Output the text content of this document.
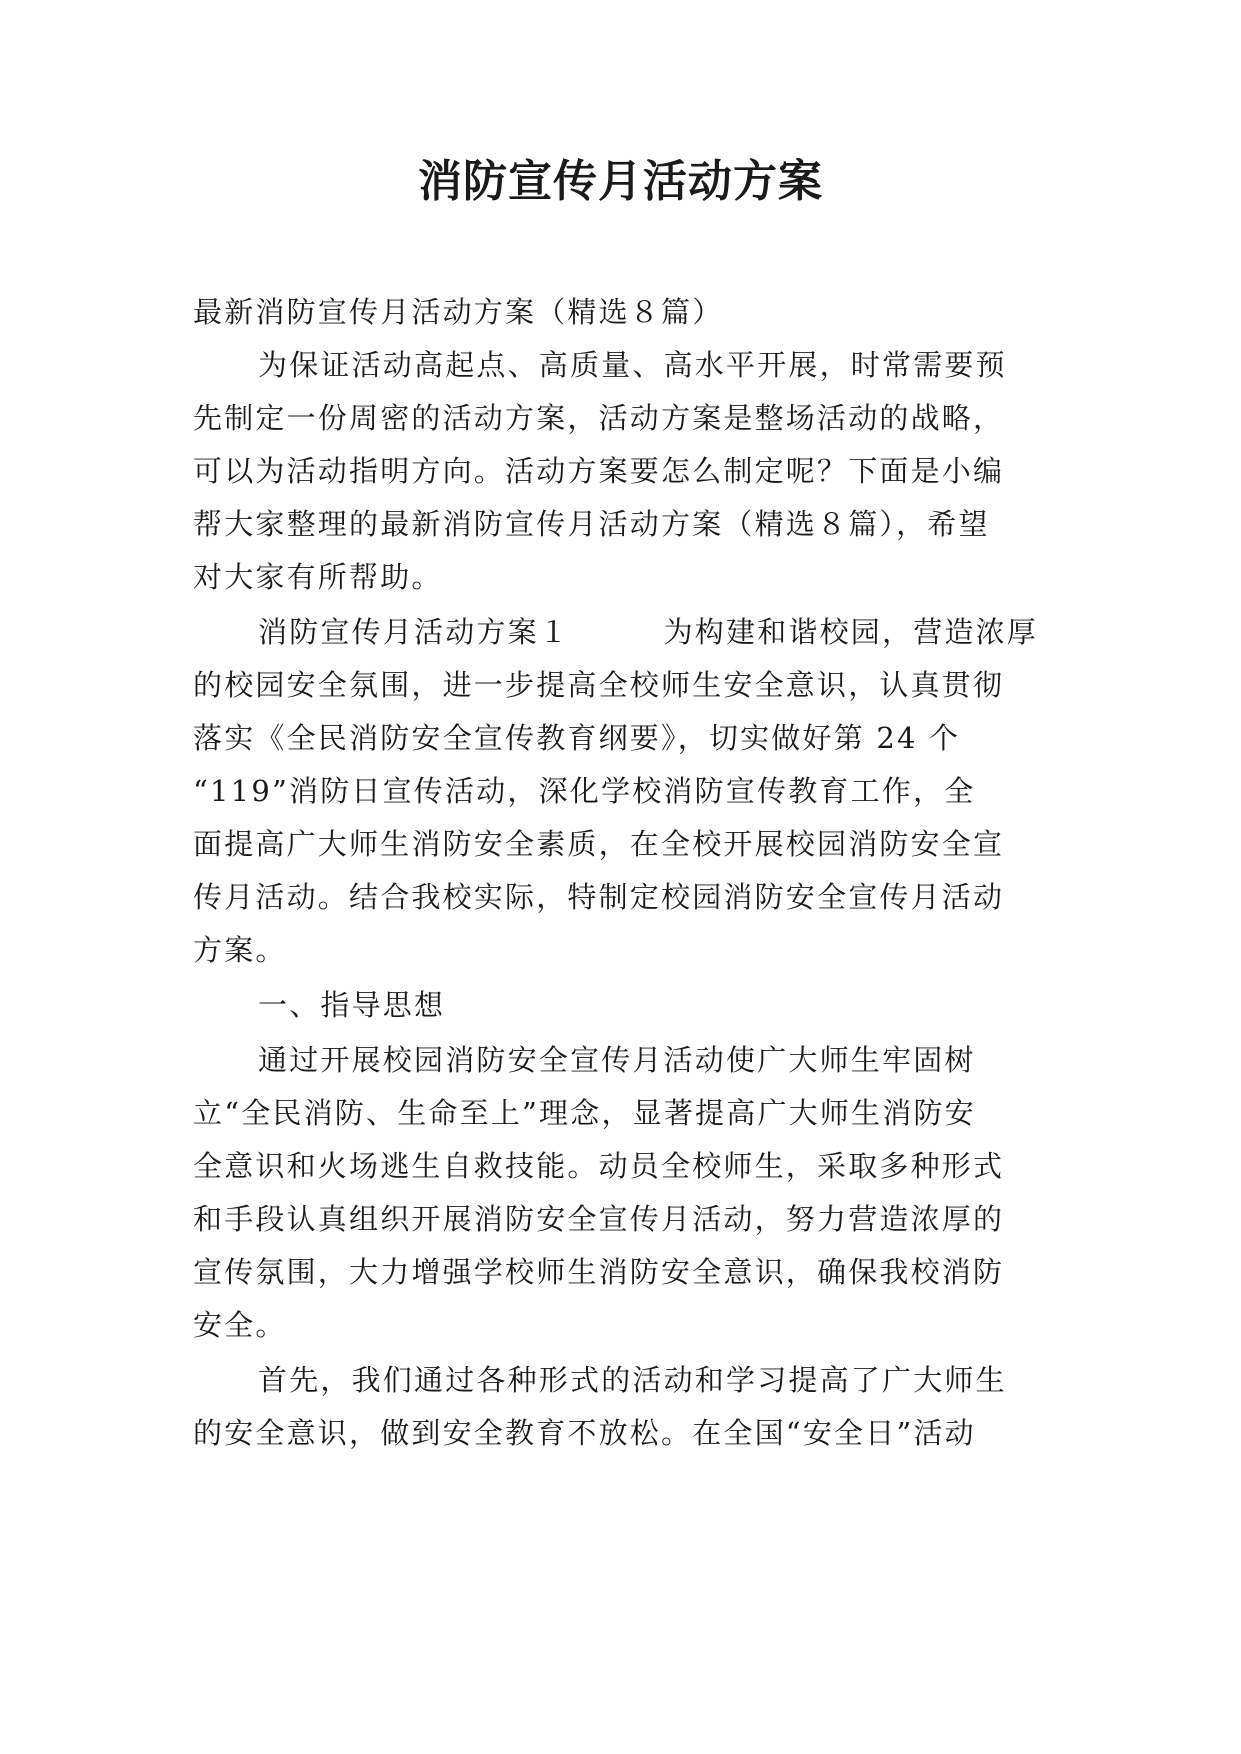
消防宣传月活动方案

最新消防宣传月活动方案（精选８篇）

为保证活动高起点、高质量、高水平开展，时常需要预

先制定一份周密的活动方案，活动方案是整场活动的战略，

可以为活动指明方向。活动方案要怎么制定呢？下面是小编

帮大家整理的最新消防宣传月活动方案（精选８篇），希望

对大家有所帮助。

消防宣传月活动方案１　　　为构建和谐校园，营造浓厚

的校园安全氛围，进一步提高全校师生安全意识，认真贯彻

落实《全民消防安全宣传教育纲要》，切实做好第 24 个

“119”消防日宣传活动，深化学校消防宣传教育工作，全

面提高广大师生消防安全素质，在全校开展校园消防安全宣

传月活动。结合我校实际，特制定校园消防安全宣传月活动

方案。

一、指导思想

通过开展校园消防安全宣传月活动使广大师生牢固树

立“全民消防、生命至上”理念，显著提高广大师生消防安

全意识和火场逃生自救技能。动员全校师生，采取多种形式

和手段认真组织开展消防安全宣传月活动，努力营造浓厚的

宣传氛围，大力增强学校师生消防安全意识，确保我校消防

安全。

首先，我们通过各种形式的活动和学习提高了广大师生

的安全意识，做到安全教育不放松。在全国“安全日”活动
